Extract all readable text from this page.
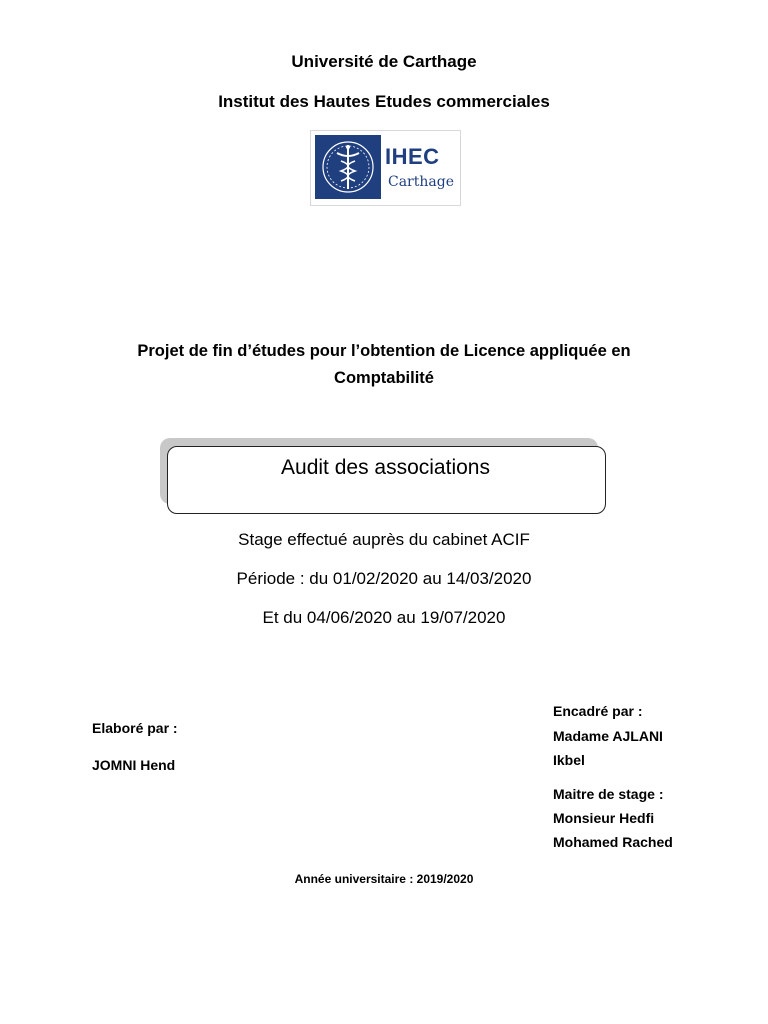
Université de Carthage
Institut des Hautes Etudes commerciales
IHEC
Carthage
Projet de fin d’études pour l’obtention de Licence appliquée en
Comptabilité
Audit des associations
Stage effectué auprès du cabinet ACIF
Période : du 01/02/2020 au 14/03/2020
Et du 04/06/2020 au 19/07/2020
Elaboré par :
JOMNI Hend
Encadré par :
Madame AJLANI
Ikbel
Maitre de stage :
Monsieur Hedfi
Mohamed Rached
Année universitaire : 2019/2020
